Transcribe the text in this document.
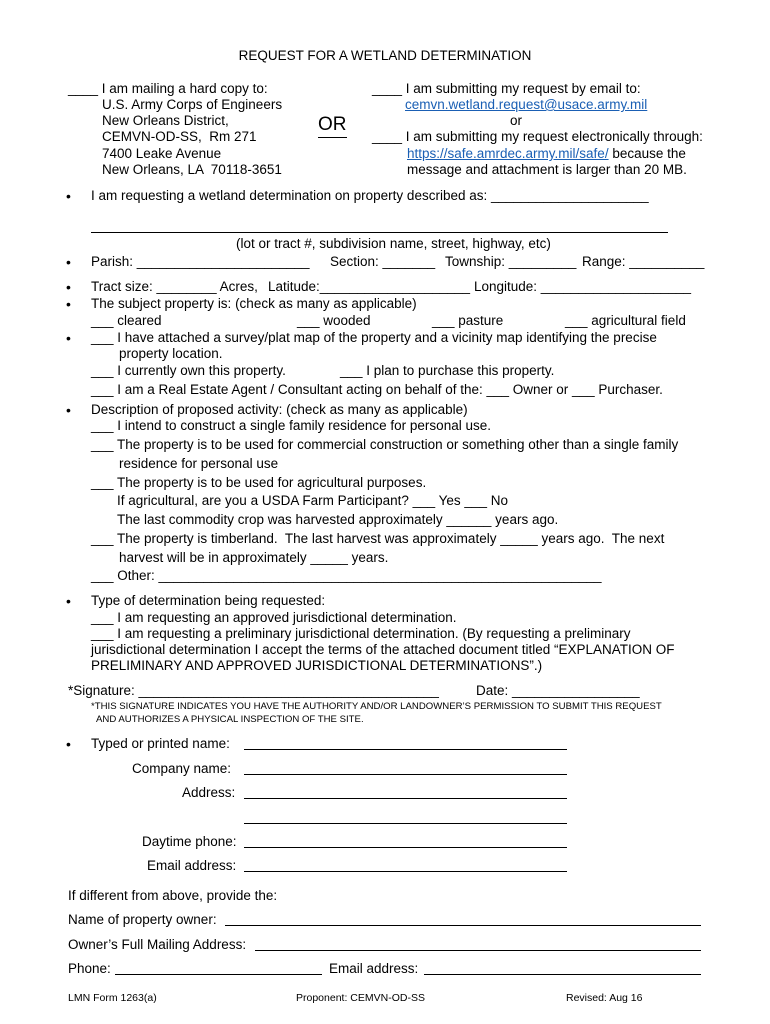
REQUEST FOR A WETLAND DETERMINATION
____ I am mailing a hard copy to:
U.S. Army Corps of Engineers
New Orleans District,
CEMVN-OD-SS,  Rm 271
7400 Leake Avenue
New Orleans, LA  70118-3651
OR
____ I am submitting my request by email to:
cemvn.wetland.request@usace.army.mil
or
____ I am submitting my request electronically through:
https://safe.amrdec.army.mil/safe/ because the
message and attachment is larger than 20 MB.
• I am requesting a wetland determination on property described as: _____________________
(lot or tract #, subdivision name, street, highway, etc)
• Parish: _______________________ Section: _______ Township: _________ Range: __________
• Tract size: ________ Acres, Latitude:____________________ Longitude: ____________________
• The subject property is: (check as many as applicable)
___ cleared	___ wooded	___ pasture	___ agricultural field
• ___ I have attached a survey/plat map of the property and a vicinity map identifying the precise
property location.
___ I currently own this property.	___ I plan to purchase this property.
___ I am a Real Estate Agent / Consultant acting on behalf of the: ___ Owner or ___ Purchaser.
• Description of proposed activity: (check as many as applicable)
___ I intend to construct a single family residence for personal use.
___ The property is to be used for commercial construction or something other than a single family
residence for personal use
___ The property is to be used for agricultural purposes.
If agricultural, are you a USDA Farm Participant? ___ Yes ___ No
The last commodity crop was harvested approximately ______ years ago.
___ The property is timberland.  The last harvest was approximately _____ years ago.  The next
harvest will be in approximately _____ years.
___ Other: ___________________________________________________________
• Type of determination being requested:
___ I am requesting an approved jurisdictional determination.
___ I am requesting a preliminary jurisdictional determination. (By requesting a preliminary
jurisdictional determination I accept the terms of the attached document titled “EXPLANATION OF
PRELIMINARY AND APPROVED JURISDICTIONAL DETERMINATIONS”.)
*Signature: ________________________________________	Date: _________________
*THIS SIGNATURE INDICATES YOU HAVE THE AUTHORITY AND/OR LANDOWNER’S PERMISSION TO SUBMIT THIS REQUEST
AND AUTHORIZES A PHYSICAL INSPECTION OF THE SITE.
• Typed or printed name:
Company name:
Address:
Daytime phone:
Email address:
If different from above, provide the:
Name of property owner:
Owner’s Full Mailing Address:
Phone:	Email address:
LMN Form 1263(a)	Proponent: CEMVN-OD-SS	Revised: Aug 16
